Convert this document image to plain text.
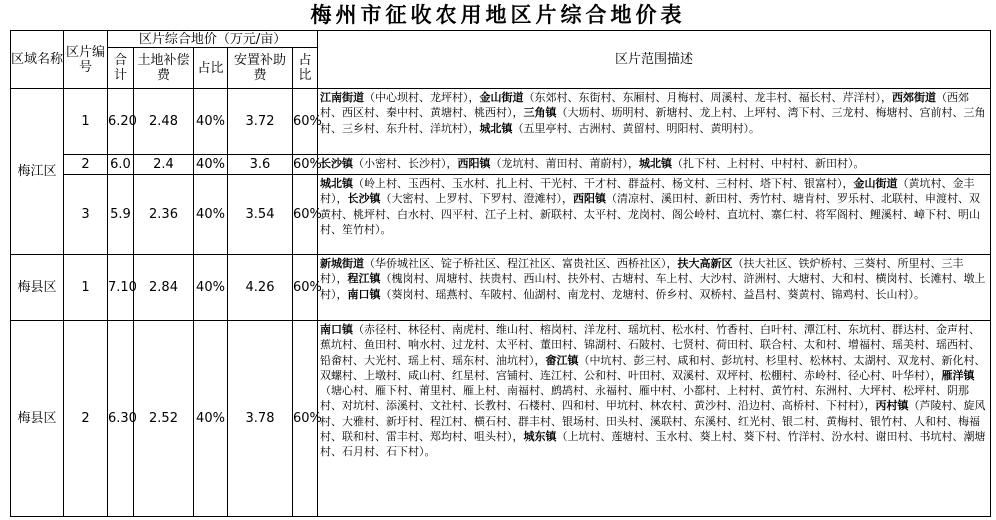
梅州市征收农用地区片综合地价表
区域名称	区片编号	区片综合地价（万元/亩）					区片范围描述
		合计	土地补偿费	占比	安置补助费	占比	
梅江区	1	6.20	2.48	40%	3.72	60%	江南街道（中心坝村、龙坪村），金山街道（东郊村、东街村、东厢村、月梅村、周溪村、龙丰村、福长村、芹洋村），西郊街道（西郊村、西区村、秦中村、黄塘村、桃西村），三角镇（大坜村、坜明村、新塘村、龙上村、上坪村、湾下村、三龙村、梅塘村、宫前村、三角村、三乡村、东升村、洋坑村），城北镇（五里亭村、古洲村、黄留村、明阳村、黄明村）。
	2	6.0	2.4	40%	3.6	60%	长沙镇（小密村、长沙村），西阳镇（龙坑村、莆田村、莆蔚村），城北镇（扎下村、上村村、中村村、新田村）。
	3	5.9	2.36	40%	3.54	60%	城北镇（岭上村、玉西村、玉水村、扎上村、干光村、干才村、群益村、杨文村、三村村、塔下村、银富村），金山街道（黄坑村、金丰村），长沙镇（大密村、上罗村、下罗村、澄滩村），西阳镇（清凉村、溪田村、新田村、秀竹村、塘肯村、罗乐村、北联村、申渡村、双黄村、桃坪村、白水村、四平村、江子上村、新联村、太平村、龙岗村、阁公岭村、直坑村、寨仁村、将军阁村、鲤溪村、嶂下村、明山村、笙竹村）。
梅县区	1	7.10	2.84	40%	4.26	60%	新城街道（华侨城社区、锭子桥社区、程江社区、富贵社区、西桥社区），扶大高新区（扶大社区、铁炉桥村、三葵村、所里村、三丰村），程江镇（槐岗村、周塘村、扶贵村、西山村、扶外村、古塘村、车上村、大沙村、浒洲村、大塘村、大和村、横岗村、长滩村、墩上村），南口镇（葵岗村、瑶燕村、车陂村、仙湖村、南龙村、龙塘村、侨乡村、双桥村、益昌村、葵黄村、锦鸡村、长山村）。
梅县区	2	6.30	2.52	40%	3.78	60%	南口镇（赤径村、林径村、南虎村、维山村、榕岗村、洋龙村、瑶坑村、松水村、竹香村、白叶村、潭江村、东坑村、群达村、金声村、蕉坑村、鱼田村、响水村、过龙村、太平村、董田村、锦湖村、石陂村、七贤村、荷田村、联合村、太和村、增福村、瑶美村、瑶西村、铅畲村、大光村、瑶上村、瑶东村、油坑村），畲江镇（中坑村、彭三村、咸和村、彭坑村、杉里村、松林村、太湖村、双龙村、新化村、双螺村、上墩村、咸山村、红星村、宫铺村、连江村、公和村、叶田村、双溪村、双坪村、松棚村、赤岭村、径心村、叶华村），雁洋镇（塘心村、雁下村、莆里村、雁上村、南福村、鹧鸪村、永福村、雁中村、小都村、上村村、黄竹村、东洲村、大坪村、松坪村、阴那村、对坑村、添溪村、文社村、长教村、石楼村、四和村、甲坑村、林农村、黄沙村、沿边村、高桥村、下村村），丙村镇（芦陵村、旋风村、大雅村、新圩村、程江村、横石村、群丰村、银场村、田头村、溪联村、东溪村、红光村、银二村、黄梅村、银竹村、人和村、梅福村、联和村、雷丰村、郑均村、咀头村），城东镇（上坑村、莲塘村、玉水村、葵上村、葵下村、竹洋村、汾水村、谢田村、书坑村、潮塘村、石月村、石下村）。
